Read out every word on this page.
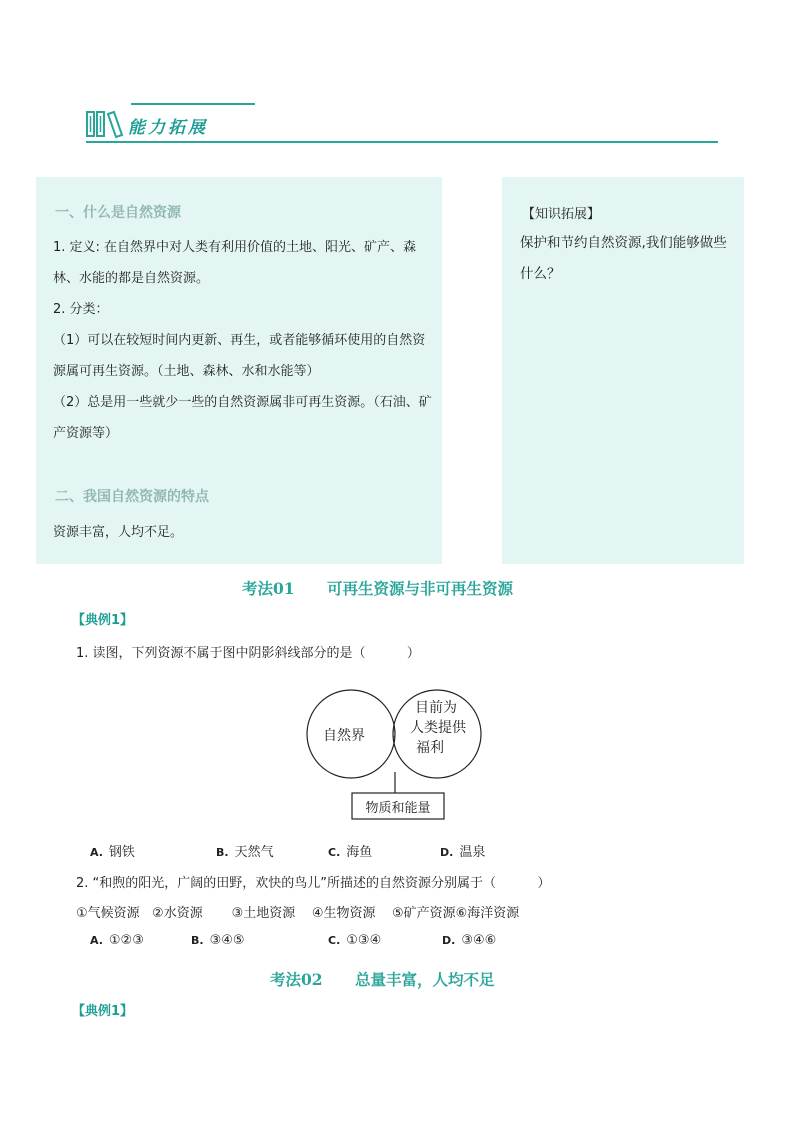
能力拓展
一、什么是自然资源
1. 定义: 在自然界中对人类有利用价值的土地、阳光、矿产、森林、水能的都是自然资源。
2. 分类：
（1）可以在较短时间内更新、再生，或者能够循环使用的自然资源属可再生资源。（土地、森林、水和水能等）
（2）总是用一些就少一些的自然资源属非可再生资源。（石油、矿产资源等）
二、我国自然资源的特点
资源丰富，人均不足。
【知识拓展】
保护和节约自然资源,我们能够做些什么？
考法01 可再生资源与非可再生资源
【典例1】
1. 读图，下列资源不属于图中阴影斜线部分的是（          ）
自然界
目前为
人类提供
福利
物质和能量
A. 钢铁	B. 天然气	C. 海鱼	D. 温泉
2. “和煦的阳光，广阔的田野，欢快的鸟儿”所描述的自然资源分别属于（          ）
①气候资源   ②水资源       ③土地资源    ④生物资源    ⑤矿产资源⑥海洋资源
A. ①②③	B. ③④⑤	C. ①③④	D. ③④⑥
考法02 总量丰富，人均不足
【典例1】
